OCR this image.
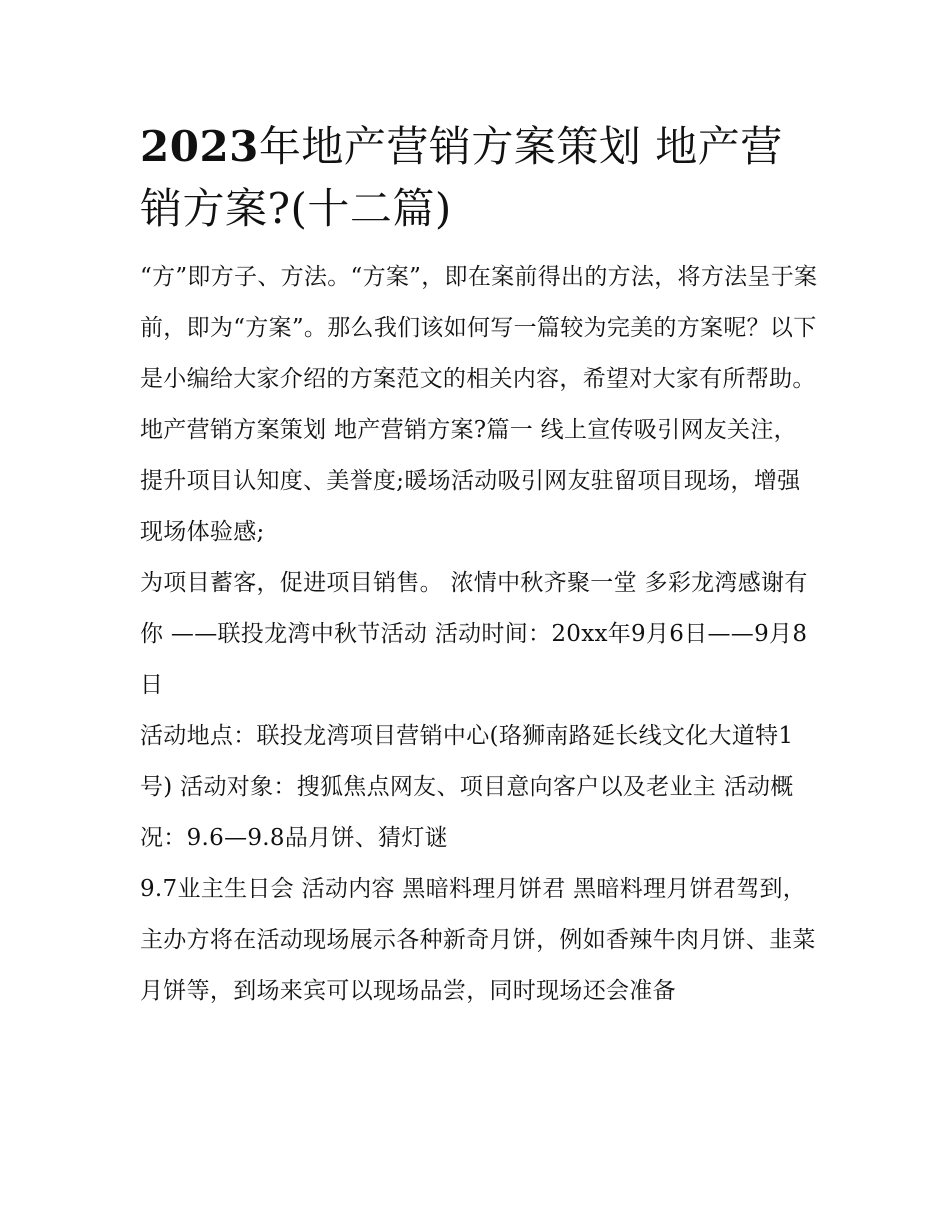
2023年地产营销方案策划 地产营销方案?(十二篇)

“方”即方子、方法。“方案”，即在案前得出的方法，将方法呈于案前，即为“方案”。那么我们该如何写一篇较为完美的方案呢？以下是小编给大家介绍的方案范文的相关内容，希望对大家有所帮助。

地产营销方案策划 地产营销方案?篇一 线上宣传吸引网友关注，提升项目认知度、美誉度;暖场活动吸引网友驻留项目现场，增强现场体验感;

为项目蓄客，促进项目销售。 浓情中秋齐聚一堂 多彩龙湾感谢有你 ——联投龙湾中秋节活动 活动时间：20xx年9月6日——9月8日

活动地点：联投龙湾项目营销中心(珞狮南路延长线文化大道特1号) 活动对象：搜狐焦点网友、项目意向客户以及老业主 活动概况：9.6—9.8品月饼、猜灯谜

9.7业主生日会 活动内容 黑暗料理月饼君 黑暗料理月饼君驾到，主办方将在活动现场展示各种新奇月饼，例如香辣牛肉月饼、韭菜月饼等，到场来宾可以现场品尝，同时现场还会准备
